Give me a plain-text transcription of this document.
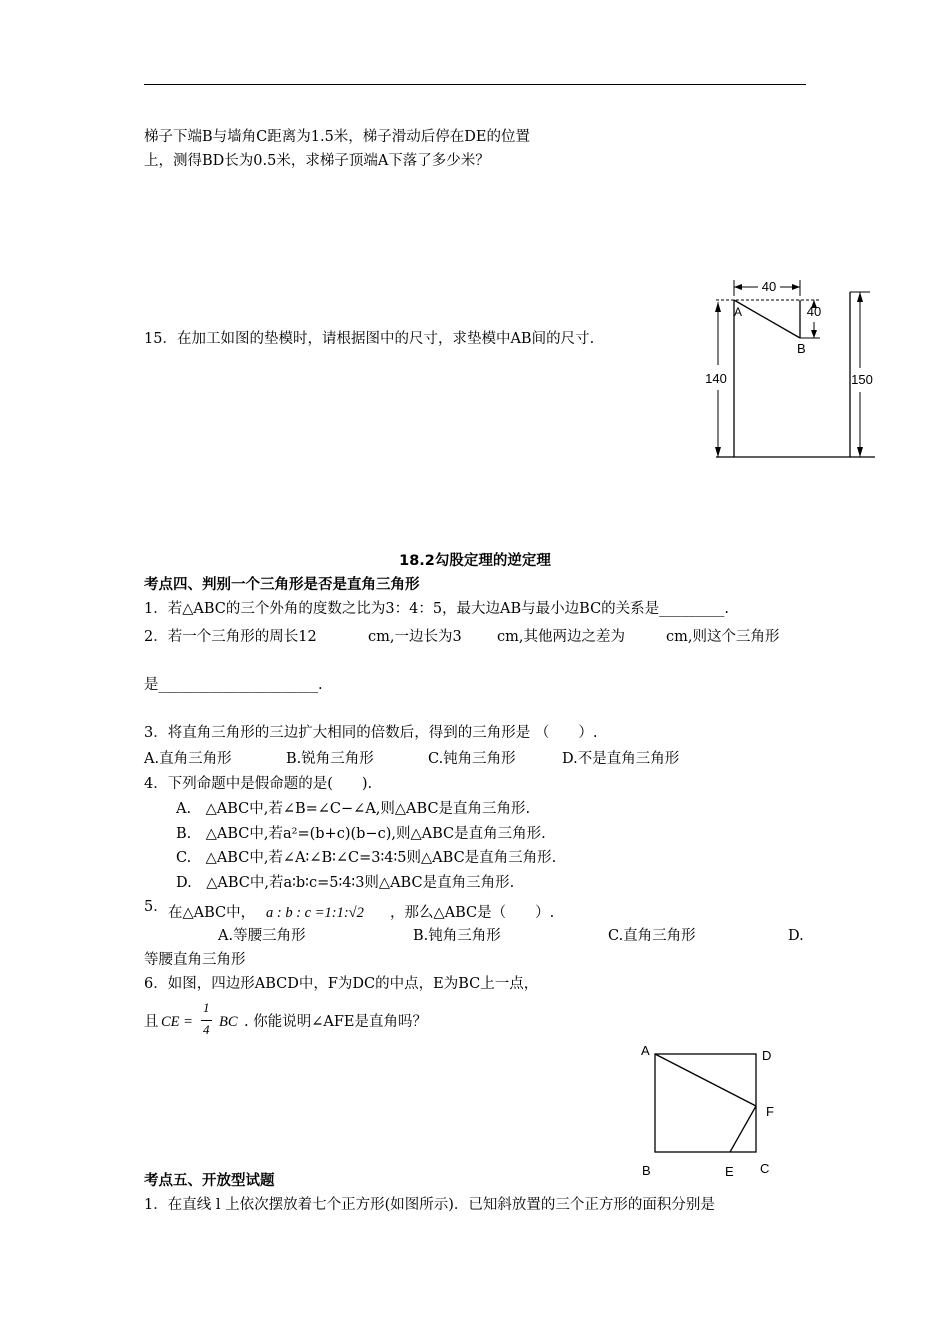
梯子下端B与墙角C距离为1.5米，梯子滑动后停在DE的位置
上，测得BD长为0.5米，求梯子顶端A下落了多少米？
15．在加工如图的垫模时，请根据图中的尺寸，求垫模中AB间的尺寸.
40
40
140	150
A
B
18.2勾股定理的逆定理
考点四、判别一个三角形是否是直角三角形
1．若△ABC的三个外角的度数之比为3：4：5，最大边AB与最小边BC的关系是_________.
2．若一个三角形的周长12	cm,一边长为3 cm,其他两边之差为	cm,则这个三角形
是______________________.
3．将直角三角形的三边扩大相同的倍数后，得到的三角形是 （　　）.
A.直角三角形	B.锐角三角形	C.钝角三角形	D.不是直角三角形
4．下列命题中是假命题的是(　　).
A.　△ABC中,若∠B=∠C−∠A,则△ABC是直角三角形.
B.　△ABC中,若a²=(b+c)(b−c),则△ABC是直角三角形.
C.　△ABC中,若∠A∶∠B∶∠C=3∶4∶5则△ABC是直角三角形.
D.　△ABC中,若a∶b∶c=5∶4∶3则△ABC是直角三角形.
5． 在△ABC中， a : b : c =1:1:√2 ，那么△ABC是（　　）.
A.等腰三角形	B.钝角三角形	C.直角三角形	D.
等腰直角三角形
6．如图，四边形ABCD中，F为DC的中点，E为BC上一点，
且 CE =
1
4 BC . 你能说明∠AFE是直角吗？
A	D
F
B	E C
考点五、开放型试题
1．在直线 l 上依次摆放着七个正方形(如图所示)．已知斜放置的三个正方形的面积分别是
